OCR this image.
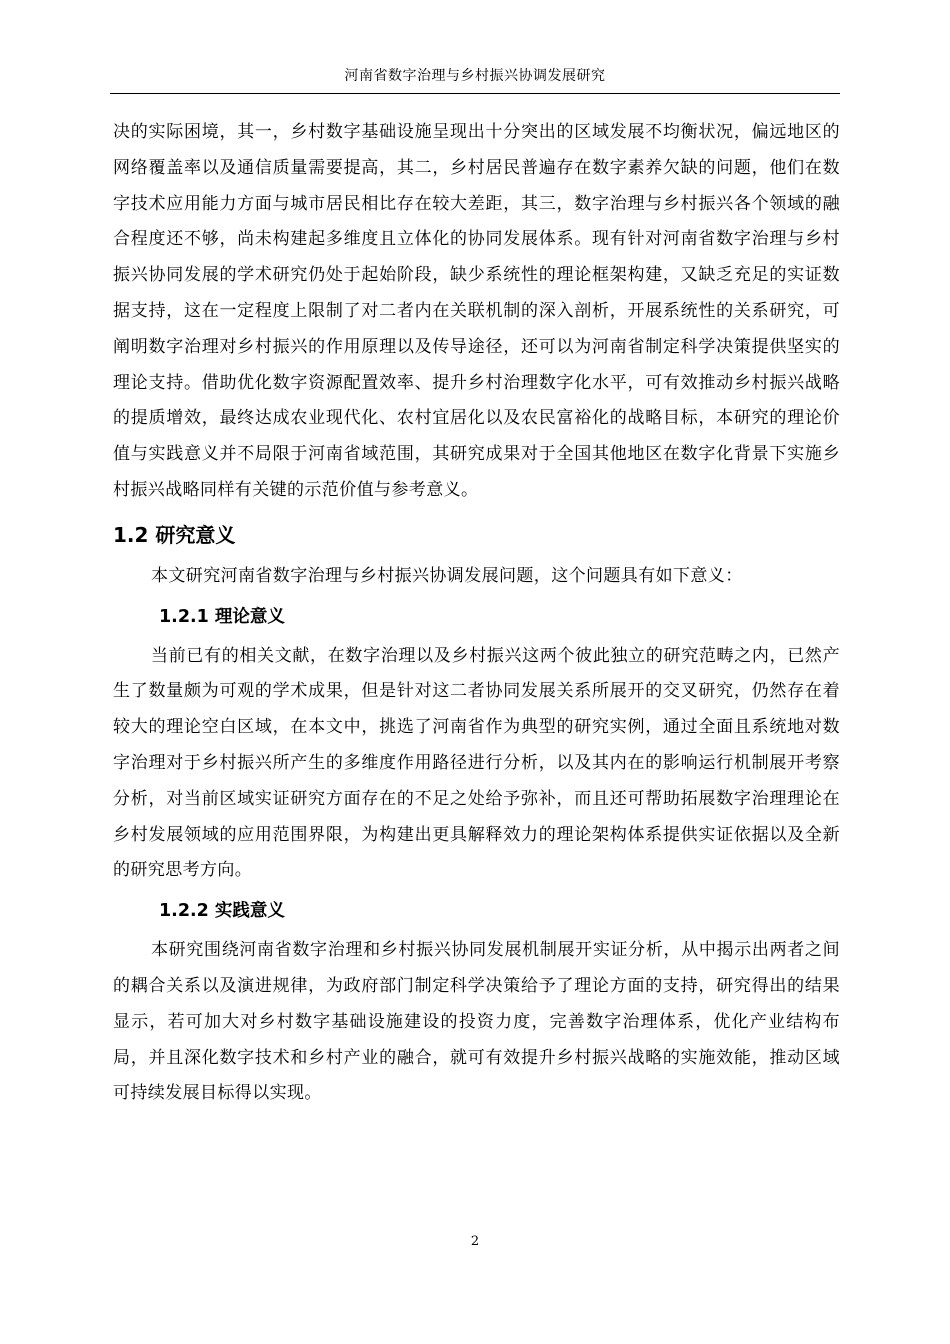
河南省数字治理与乡村振兴协调发展研究

决的实际困境，其一，乡村数字基础设施呈现出十分突出的区域发展不均衡状况，偏远地区的网络覆盖率以及通信质量需要提高，其二，乡村居民普遍存在数字素养欠缺的问题，他们在数字技术应用能力方面与城市居民相比存在较大差距，其三，数字治理与乡村振兴各个领域的融合程度还不够，尚未构建起多维度且立体化的协同发展体系。现有针对河南省数字治理与乡村振兴协同发展的学术研究仍处于起始阶段，缺少系统性的理论框架构建，又缺乏充足的实证数据支持，这在一定程度上限制了对二者内在关联机制的深入剖析，开展系统性的关系研究，可阐明数字治理对乡村振兴的作用原理以及传导途径，还可以为河南省制定科学决策提供坚实的理论支持。借助优化数字资源配置效率、提升乡村治理数字化水平，可有效推动乡村振兴战略的提质增效，最终达成农业现代化、农村宜居化以及农民富裕化的战略目标，本研究的理论价值与实践意义并不局限于河南省域范围，其研究成果对于全国其他地区在数字化背景下实施乡村振兴战略同样有关键的示范价值与参考意义。

1.2 研究意义

本文研究河南省数字治理与乡村振兴协调发展问题，这个问题具有如下意义：

1.2.1 理论意义

当前已有的相关文献，在数字治理以及乡村振兴这两个彼此独立的研究范畴之内，已然产生了数量颇为可观的学术成果，但是针对这二者协同发展关系所展开的交叉研究，仍然存在着较大的理论空白区域，在本文中，挑选了河南省作为典型的研究实例，通过全面且系统地对数字治理对于乡村振兴所产生的多维度作用路径进行分析，以及其内在的影响运行机制展开考察分析，对当前区域实证研究方面存在的不足之处给予弥补，而且还可帮助拓展数字治理理论在乡村发展领域的应用范围界限，为构建出更具解释效力的理论架构体系提供实证依据以及全新的研究思考方向。

1.2.2 实践意义

本研究围绕河南省数字治理和乡村振兴协同发展机制展开实证分析，从中揭示出两者之间的耦合关系以及演进规律，为政府部门制定科学决策给予了理论方面的支持，研究得出的结果显示，若可加大对乡村数字基础设施建设的投资力度，完善数字治理体系，优化产业结构布局，并且深化数字技术和乡村产业的融合，就可有效提升乡村振兴战略的实施效能，推动区域可持续发展目标得以实现。

2
